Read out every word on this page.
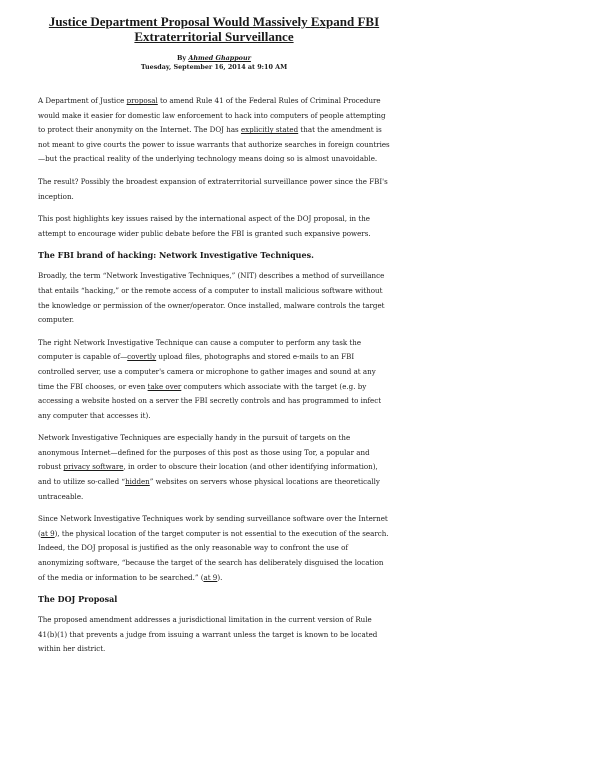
Justice Department Proposal Would Massively Expand FBI Extraterritorial Surveillance
By Ahmed Ghappour
Tuesday, September 16, 2014 at 9:10 AM

A Department of Justice proposal to amend Rule 41 of the Federal Rules of Criminal Procedure would make it easier for domestic law enforcement to hack into computers of people attempting to protect their anonymity on the Internet. The DOJ has explicitly stated that the amendment is not meant to give courts the power to issue warrants that authorize searches in foreign countries—but the practical reality of the underlying technology means doing so is almost unavoidable.

The result? Possibly the broadest expansion of extraterritorial surveillance power since the FBI's inception.

This post highlights key issues raised by the international aspect of the DOJ proposal, in the attempt to encourage wider public debate before the FBI is granted such expansive powers.

The FBI brand of hacking: Network Investigative Techniques.

Broadly, the term “Network Investigative Techniques,” (NIT) describes a method of surveillance that entails “hacking,” or the remote access of a computer to install malicious software without the knowledge or permission of the owner/operator. Once installed, malware controls the target computer.

The right Network Investigative Technique can cause a computer to perform any task the computer is capable of—covertly upload files, photographs and stored e-mails to an FBI controlled server, use a computer's camera or microphone to gather images and sound at any time the FBI chooses, or even take over computers which associate with the target (e.g. by accessing a website hosted on a server the FBI secretly controls and has programmed to infect any computer that accesses it).

Network Investigative Techniques are especially handy in the pursuit of targets on the anonymous Internet—defined for the purposes of this post as those using Tor, a popular and robust privacy software, in order to obscure their location (and other identifying information), and to utilize so-called “hidden” websites on servers whose physical locations are theoretically untraceable.

Since Network Investigative Techniques work by sending surveillance software over the Internet (at 9), the physical location of the target computer is not essential to the execution of the search. Indeed, the DOJ proposal is justified as the only reasonable way to confront the use of anonymizing software, “because the target of the search has deliberately disguised the location of the media or information to be searched.” (at 9).

The DOJ Proposal

The proposed amendment addresses a jurisdictional limitation in the current version of Rule 41(b)(1) that prevents a judge from issuing a warrant unless the target is known to be located within her district.
